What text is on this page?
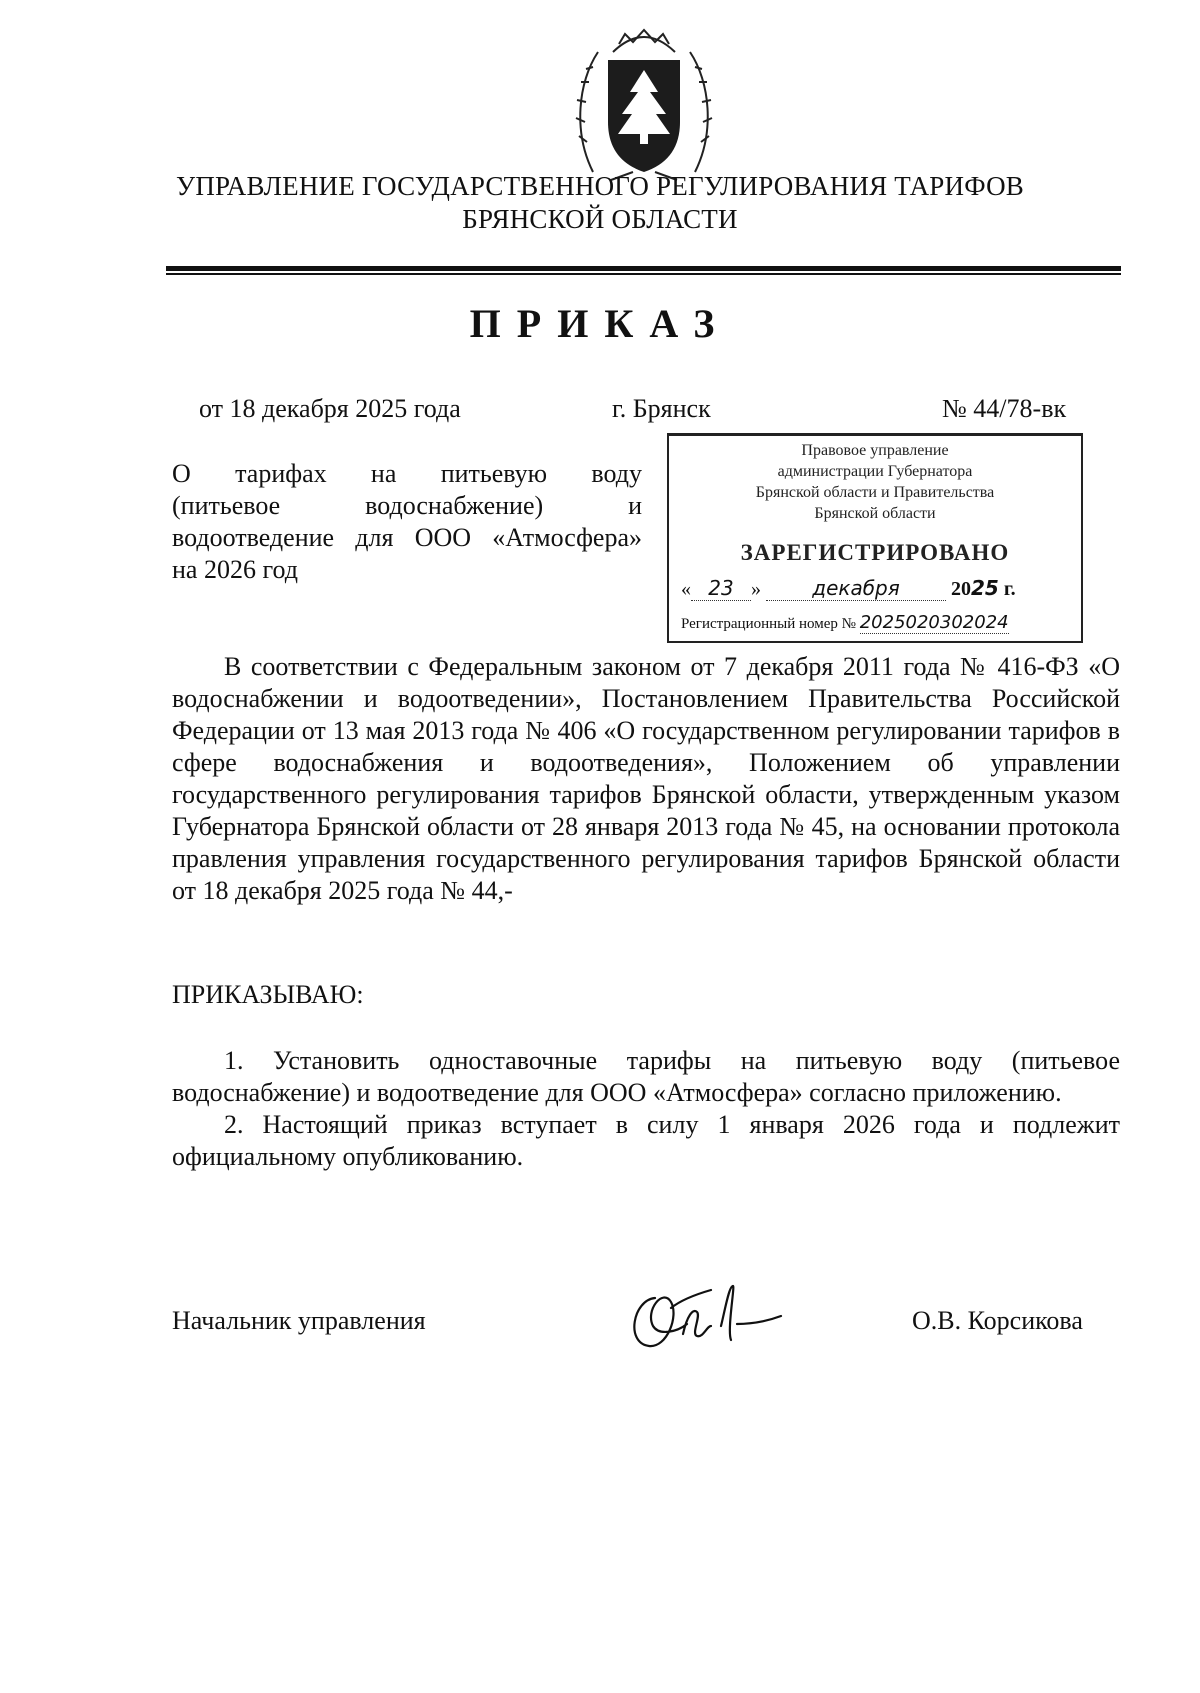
УПРАВЛЕНИЕ ГОСУДАРСТВЕННОГО РЕГУЛИРОВАНИЯ ТАРИФОВ
БРЯНСКОЙ ОБЛАСТИ
ПРИКАЗ
от 18 декабря 2025 года	г. Брянск	№ 44/78-вк
О тарифах на питьевую воду
(питьевое водоснабжение) и
водоотведение для ООО «Атмосфера»
на 2026 год
Правовое управление
администрации Губернатора
Брянской области и Правительства
Брянской области
ЗАРЕГИСТРИРОВАНО
« 23 »	декабря	2025 г.
Регистрационный номер № 2025020302024

В соответствии с Федеральным законом от 7 декабря 2011 года № 416-ФЗ «О водоснабжении и водоотведении», Постановлением Правительства Российской Федерации от 13 мая 2013 года № 406 «О государственном регулировании тарифов в сфере водоснабжения и водоотведения», Положением об управлении государственного регулирования тарифов Брянской области, утвержденным указом Губернатора Брянской области от 28 января 2013 года № 45, на основании протокола правления управления государственного регулирования тарифов Брянской области от 18 декабря 2025 года № 44,-

ПРИКАЗЫВАЮ:

1. Установить одноставочные тарифы на питьевую воду (питьевое водоснабжение) и водоотведение для ООО «Атмосфера» согласно приложению.

2. Настоящий приказ вступает в силу 1 января 2026 года и подлежит официальному опубликованию.

Начальник управления	О.В. Корсикова
